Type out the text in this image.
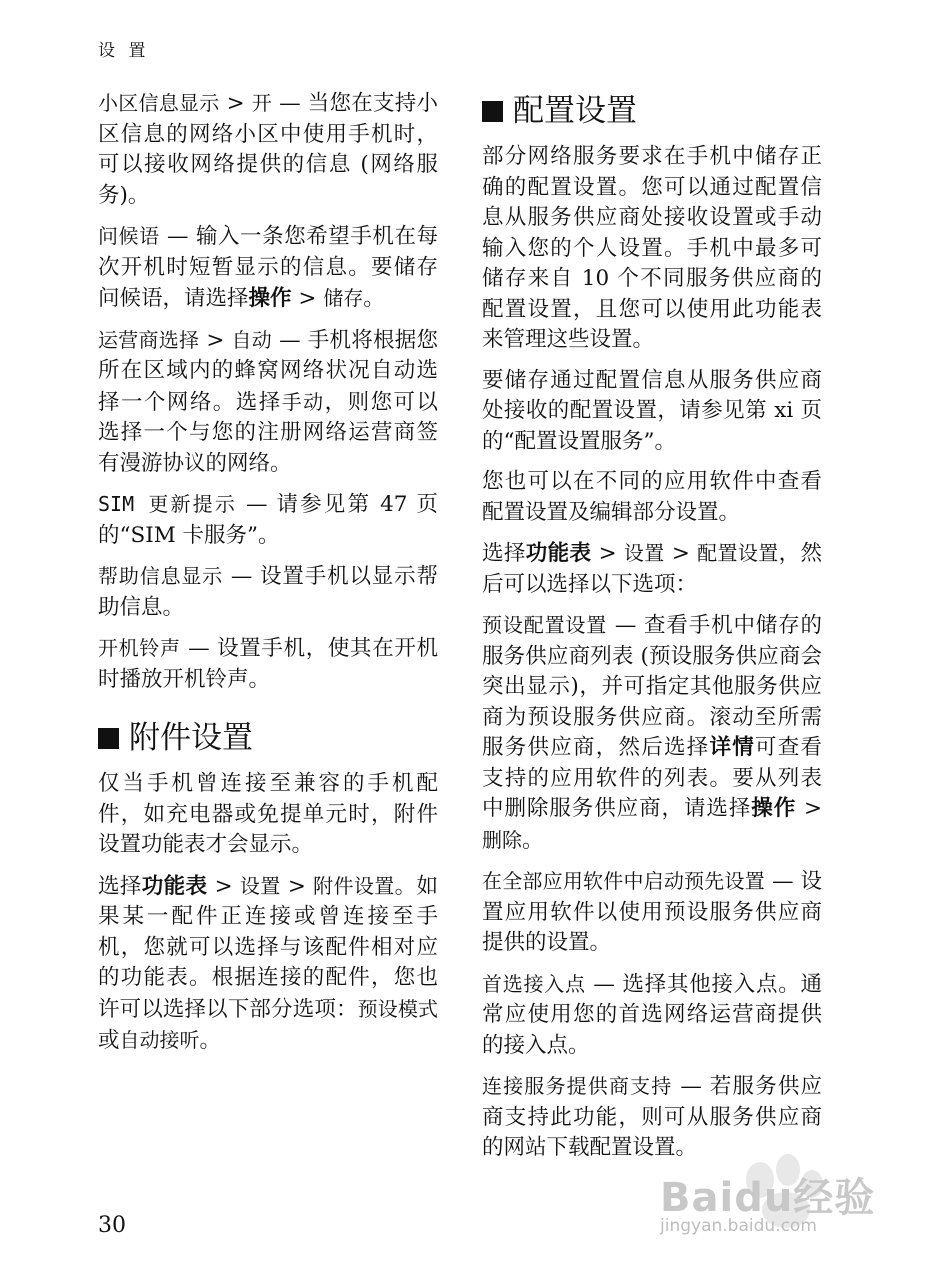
设 置

小区信息显示 > 开 — 当您在支持小区信息的网络小区中使用手机时，可以接收网络提供的信息 (网络服务)。

问候语 — 输入一条您希望手机在每次开机时短暂显示的信息。要储存问候语，请选择操作 > 储存。

运营商选择 > 自动 — 手机将根据您所在区域内的蜂窝网络状况自动选择一个网络。选择手动，则您可以选择一个与您的注册网络运营商签有漫游协议的网络。

SIM 更新提示 — 请参见第 47 页的“SIM 卡服务”。

帮助信息显示 — 设置手机以显示帮助信息。

开机铃声 — 设置手机，使其在开机时播放开机铃声。

附件设置

仅当手机曾连接至兼容的手机配件，如充电器或免提单元时，附件设置功能表才会显示。

选择功能表 > 设置 > 附件设置。如果某一配件正连接或曾连接至手机，您就可以选择与该配件相对应的功能表。根据连接的配件，您也许可以选择以下部分选项：预设模式或自动接听。

配置设置

部分网络服务要求在手机中储存正确的配置设置。您可以通过配置信息从服务供应商处接收设置或手动输入您的个人设置。手机中最多可储存来自 10 个不同服务供应商的配置设置，且您可以使用此功能表来管理这些设置。

要储存通过配置信息从服务供应商处接收的配置设置，请参见第 xi 页的“配置设置服务”。

您也可以在不同的应用软件中查看配置设置及编辑部分设置。

选择功能表 > 设置 > 配置设置，然后可以选择以下选项：

预设配置设置 — 查看手机中储存的服务供应商列表 (预设服务供应商会突出显示)，并可指定其他服务供应商为预设服务供应商。滚动至所需服务供应商，然后选择详情可查看支持的应用软件的列表。要从列表中删除服务供应商，请选择操作 > 删除。

在全部应用软件中启动预先设置 — 设置应用软件以使用预设服务供应商提供的设置。

首选接入点 — 选择其他接入点。通常应使用您的首选网络运营商提供的接入点。

连接服务提供商支持 — 若服务供应商支持此功能，则可从服务供应商的网站下载配置设置。

30
Baidu经验
jingyan.baidu.com
